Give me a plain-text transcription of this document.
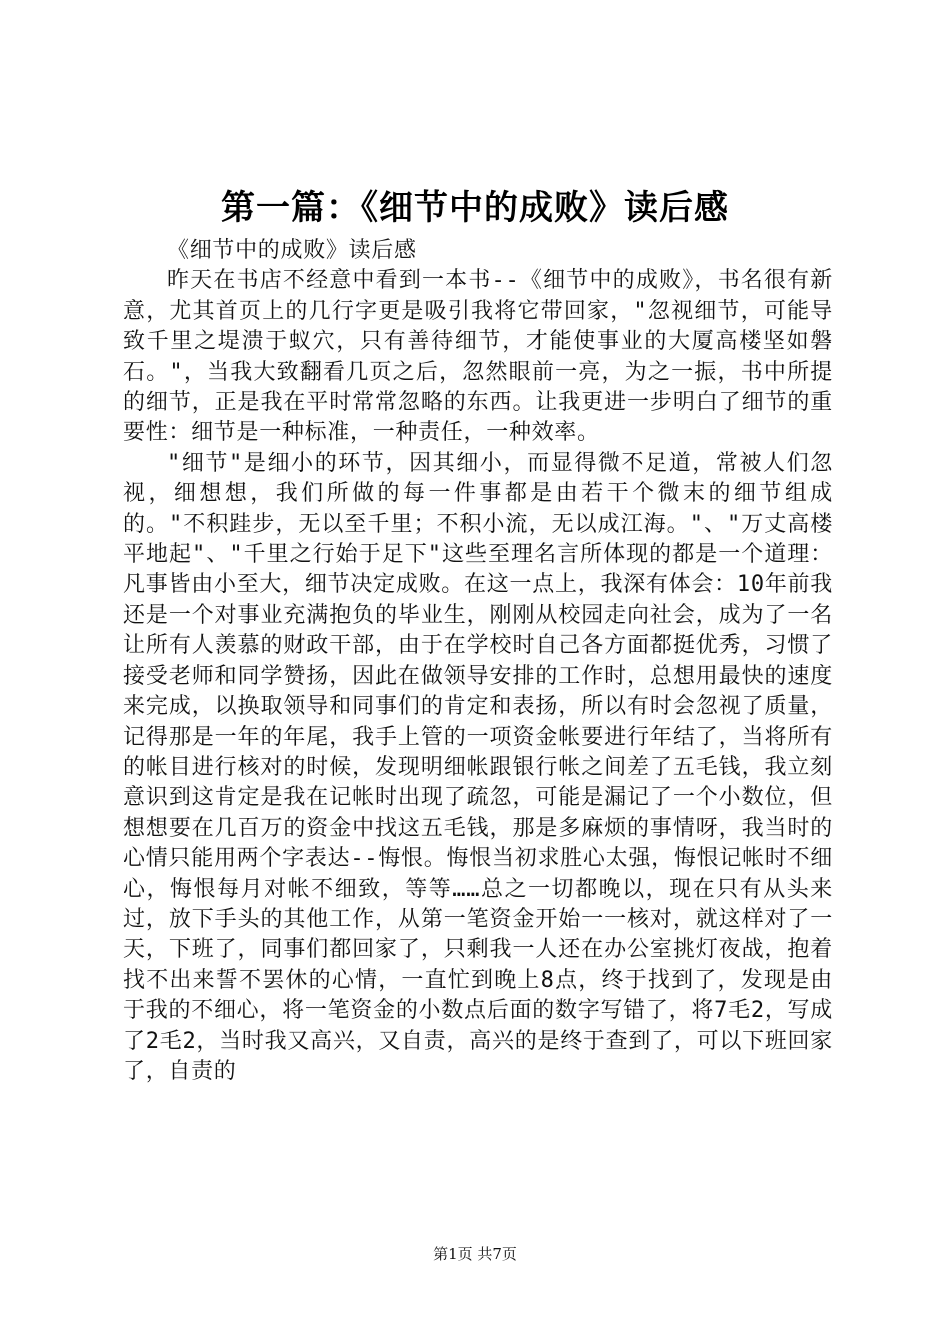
第一篇：《细节中的成败》读后感

《细节中的成败》读后感

昨天在书店不经意中看到一本书--《细节中的成败》，书名很有新意，尤其首页上的几行字更是吸引我将它带回家，"忽视细节，可能导致千里之堤溃于蚁穴，只有善待细节，才能使事业的大厦高楼坚如磐石。"，当我大致翻看几页之后，忽然眼前一亮，为之一振，书中所提的细节，正是我在平时常常忽略的东西。让我更进一步明白了细节的重要性：细节是一种标准，一种责任，一种效率。

"细节"是细小的环节，因其细小，而显得微不足道，常被人们忽视，细想想，我们所做的每一件事都是由若干个微末的细节组成的。"不积跬步，无以至千里；不积小流，无以成江海。"、"万丈高楼平地起"、"千里之行始于足下"这些至理名言所体现的都是一个道理：凡事皆由小至大，细节决定成败。在这一点上，我深有体会：10年前我还是一个对事业充满抱负的毕业生，刚刚从校园走向社会，成为了一名让所有人羡慕的财政干部，由于在学校时自己各方面都挺优秀，习惯了接受老师和同学赞扬，因此在做领导安排的工作时，总想用最快的速度来完成，以换取领导和同事们的肯定和表扬，所以有时会忽视了质量，记得那是一年的年尾，我手上管的一项资金帐要进行年结了，当将所有的帐目进行核对的时候，发现明细帐跟银行帐之间差了五毛钱，我立刻意识到这肯定是我在记帐时出现了疏忽，可能是漏记了一个小数位，但想想要在几百万的资金中找这五毛钱，那是多麻烦的事情呀，我当时的心情只能用两个字表达--悔恨。悔恨当初求胜心太强，悔恨记帐时不细心，悔恨每月对帐不细致，等等……总之一切都晚以，现在只有从头来过，放下手头的其他工作，从第一笔资金开始一一核对，就这样对了一天，下班了，同事们都回家了，只剩我一人还在办公室挑灯夜战，抱着找不出来誓不罢休的心情，一直忙到晚上8点，终于找到了，发现是由于我的不细心，将一笔资金的小数点后面的数字写错了，将7毛2，写成了2毛2，当时我又高兴，又自责，高兴的是终于查到了，可以下班回家了，自责的

第1页 共7页
